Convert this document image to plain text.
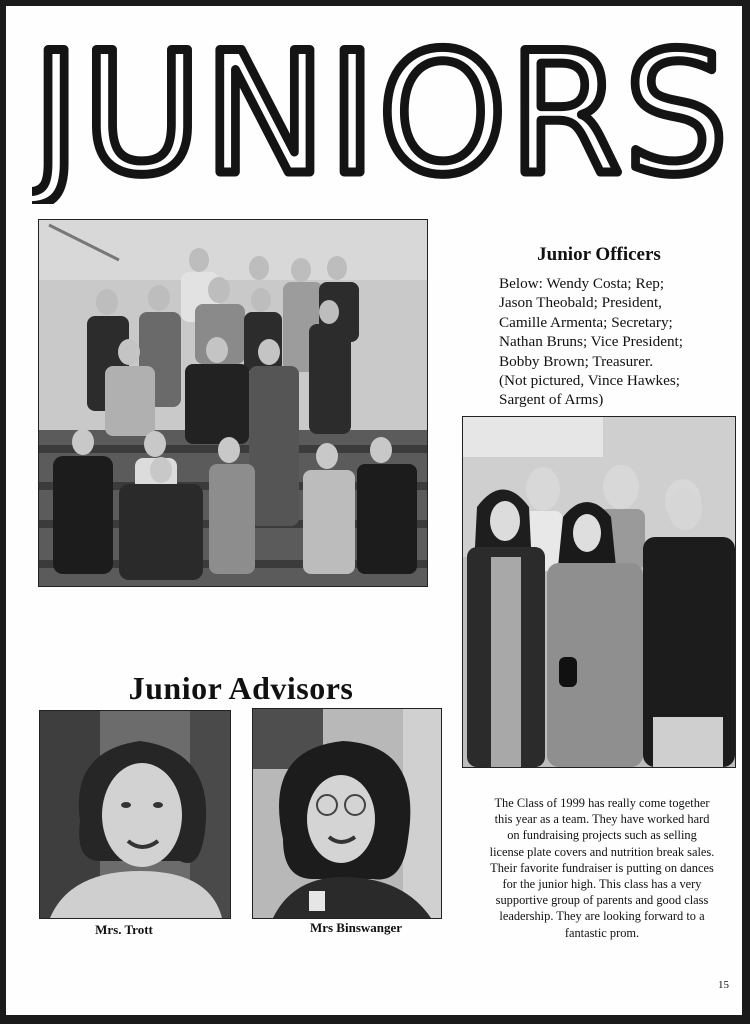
JUNIORS
Junior Officers
Below: Wendy Costa; Rep;
Jason Theobald; President,
Camille Armenta; Secretary;
Nathan Bruns; Vice President;
Bobby Brown; Treasurer.
(Not pictured, Vince Hawkes;
Sargent of Arms)
Junior Advisors
Mrs. Trott	Mrs Binswanger
The Class of 1999 has really come together
this year as a team. They have worked hard
on fundraising projects such as selling
license plate covers and nutrition break sales.
Their favorite fundraiser is putting on dances
for the junior high. This class has a very
supportive group of parents and good class
leadership. They are looking forward to a
fantastic prom.
15
